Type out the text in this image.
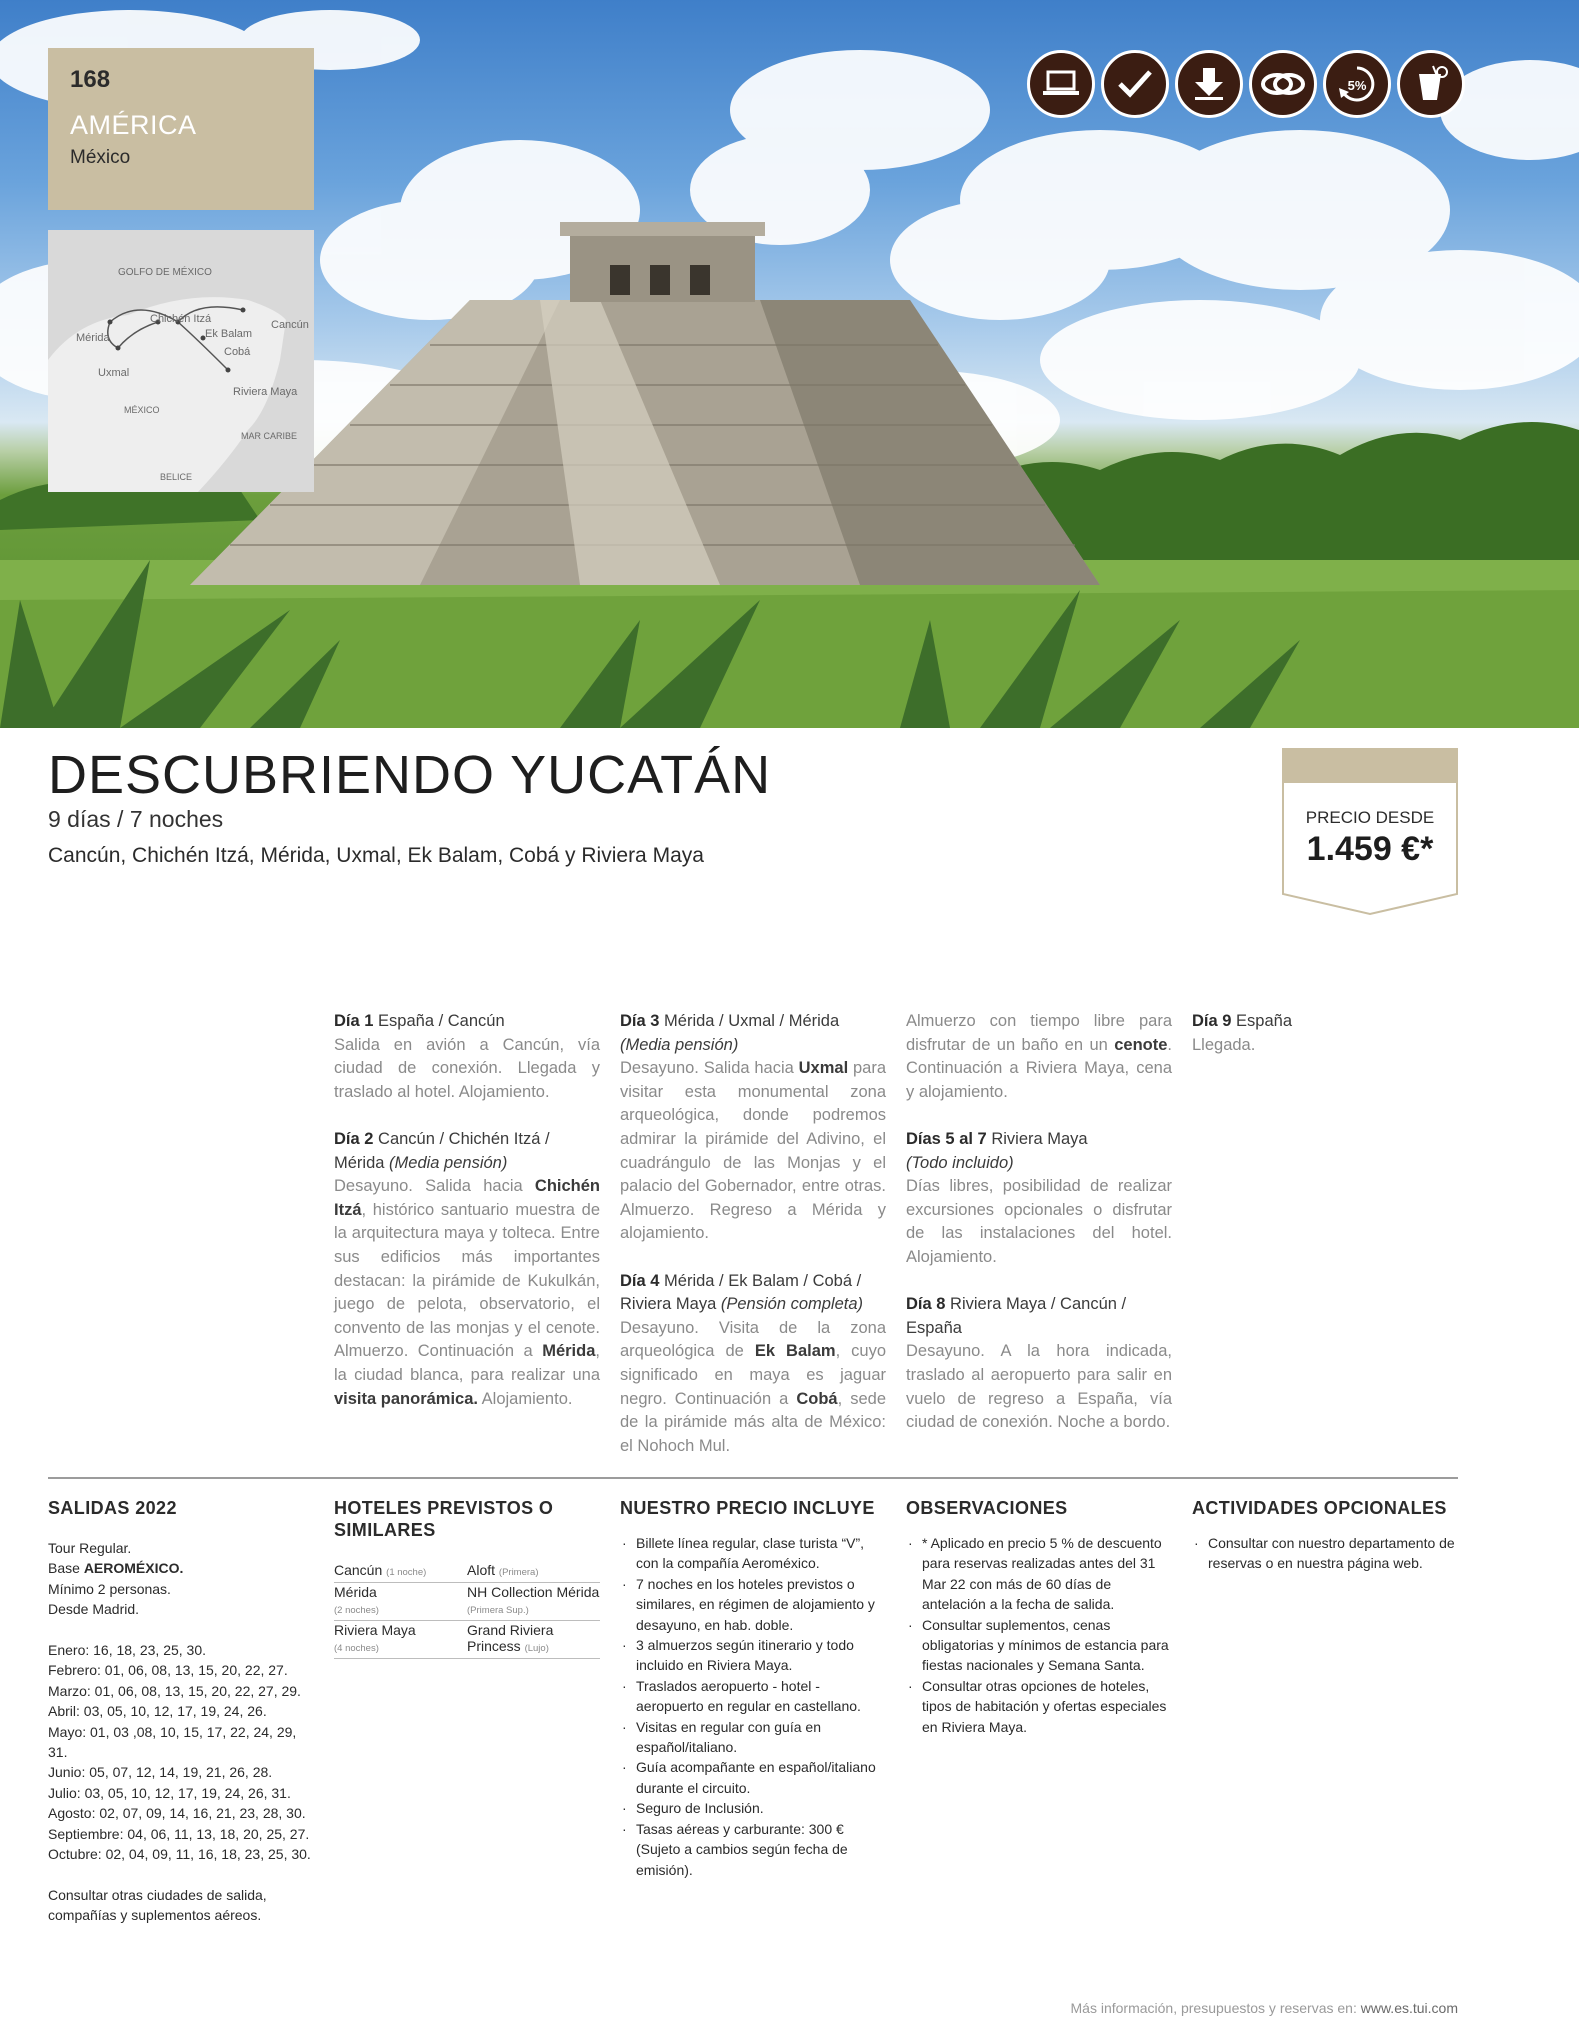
168
AMÉRICA
México
GOLFO DE MÉXICO
Mérida
Chichén Itzá
Ek Balam
Cancún
Cobá
Uxmal
Riviera Maya
MÉXICO
MAR CARIBE
BELICE
5%
DESCUBRIENDO YUCATÁN
9 días / 7 noches
Cancún, Chichén Itzá, Mérida, Uxmal, Ek Balam, Cobá y Riviera Maya
PRECIO DESDE
1.459 €*
Día 1 España / Cancún
Salida en avión a Cancún, vía ciudad de conexión. Llegada y traslado al hotel. Alojamiento.
Día 2 Cancún / Chichén Itzá / Mérida (Media pensión)
Desayuno. Salida hacia Chichén Itzá, histórico santuario muestra de la arquitectura maya y tolteca. Entre sus edificios más importantes destacan: la pirámide de Kukulkán, juego de pelota, observatorio, el convento de las monjas y el cenote. Almuerzo. Continuación a Mérida, la ciudad blanca, para realizar una visita panorámica. Alojamiento.
Día 3 Mérida / Uxmal / Mérida
(Media pensión)
Desayuno. Salida hacia Uxmal para visitar esta monumental zona arqueológica, donde podremos admirar la pirámide del Adivino, el cuadrángulo de las Monjas y el palacio del Gobernador, entre otras. Almuerzo. Regreso a Mérida y alojamiento.
Día 4 Mérida / Ek Balam / Cobá / Riviera Maya (Pensión completa)
Desayuno. Visita de la zona arqueológica de Ek Balam, cuyo significado en maya es jaguar negro. Continuación a Cobá, sede de la pirámide más alta de México: el Nohoch Mul.
Almuerzo con tiempo libre para disfrutar de un baño en un cenote. Continuación a Riviera Maya, cena y alojamiento.
Días 5 al 7 Riviera Maya
(Todo incluido)
Días libres, posibilidad de realizar excursiones opcionales o disfrutar de las instalaciones del hotel. Alojamiento.
Día 8 Riviera Maya / Cancún / España
Desayuno. A la hora indicada, traslado al aeropuerto para salir en vuelo de regreso a España, vía ciudad de conexión. Noche a bordo.
Día 9 España
Llegada.
SALIDAS 2022
Tour Regular.
Base AEROMÉXICO.
Mínimo 2 personas.
Desde Madrid.
Enero: 16, 18, 23, 25, 30.
Febrero: 01, 06, 08, 13, 15, 20, 22, 27.
Marzo: 01, 06, 08, 13, 15, 20, 22, 27, 29.
Abril: 03, 05, 10, 12, 17, 19, 24, 26.
Mayo: 01, 03 ,08, 10, 15, 17, 22, 24, 29, 31.
Junio: 05, 07, 12, 14, 19, 21, 26, 28.
Julio: 03, 05, 10, 12, 17, 19, 24, 26, 31.
Agosto: 02, 07, 09, 14, 16, 21, 23, 28, 30.
Septiembre: 04, 06, 11, 13, 18, 20, 25, 27.
Octubre: 02, 04, 09, 11, 16, 18, 23, 25, 30.
Consultar otras ciudades de salida, compañías y suplementos aéreos.
HOTELES PREVISTOS O SIMILARES
Cancún (1 noche)	Aloft (Primera)
Mérida
(2 noches)
NH Collection Mérida (Primera Sup.)
Riviera Maya
(4 noches)
Grand Riviera Princess (Lujo)
NUESTRO PRECIO INCLUYE
· Billete línea regular, clase turista “V”, con la compañía Aeroméxico.
· 7 noches en los hoteles previstos o similares, en régimen de alojamiento y desayuno, en hab. doble.
· 3 almuerzos según itinerario y todo incluido en Riviera Maya.
· Traslados aeropuerto - hotel - aeropuerto en regular en castellano.
· Visitas en regular con guía en español/italiano.
· Guía acompañante en español/italiano durante el circuito.
· Seguro de Inclusión.
· Tasas aéreas y carburante: 300 € (Sujeto a cambios según fecha de emisión).
OBSERVACIONES
· * Aplicado en precio 5 % de descuento para reservas realizadas antes del 31 Mar 22 con más de 60 días de antelación a la fecha de salida.
· Consultar suplementos, cenas obligatorias y mínimos de estancia para fiestas nacionales y Semana Santa.
· Consultar otras opciones de hoteles, tipos de habitación y ofertas especiales en Riviera Maya.
ACTIVIDADES OPCIONALES
· Consultar con nuestro departamento de reservas o en nuestra página web.
Más información, presupuestos y reservas en: www.es.tui.com
